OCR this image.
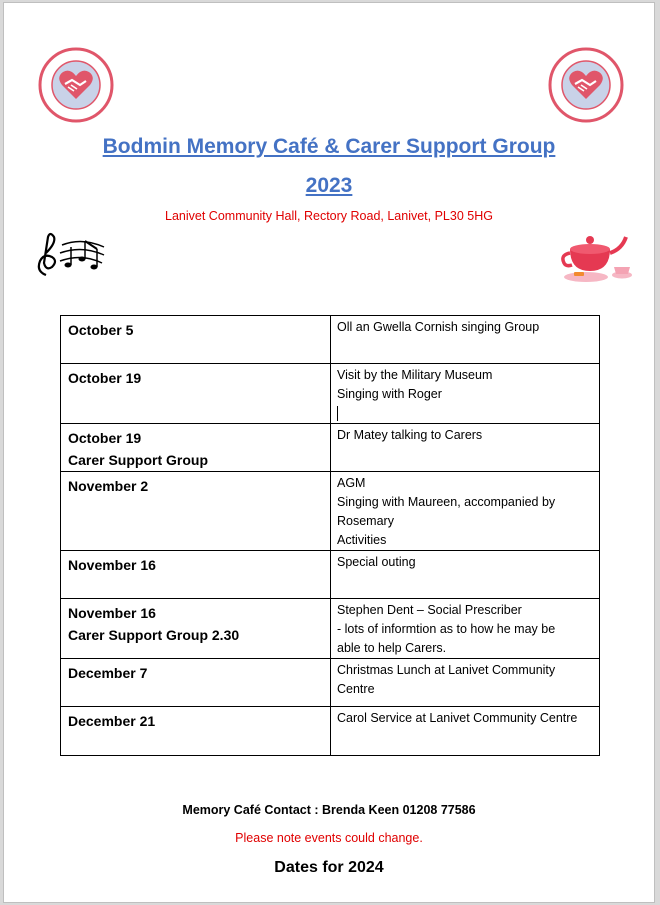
Bodmin Memory Café & Carer Support Group
2023
Lanivet Community Hall, Rectory Road, Lanivet, PL30 5HG
October 5	Oll an Gwella Cornish singing Group

October 19	Visit by the Military Museum
Singing with Roger

October 19
Carer Support Group	Dr Matey talking to Carers

November 2	AGM
Singing with Maureen, accompanied by
Rosemary
Activities

November 16	Special outing

November 16
Carer Support Group 2.30	Stephen Dent – Social Prescriber
- lots of informtion as to how he may be
able to help Carers.

December 7	Christmas Lunch at Lanivet Community
Centre

December 21	Carol Service at Lanivet Community Centre
Memory Café Contact : Brenda Keen 01208 77586
Please note events could change.
Dates for 2024
